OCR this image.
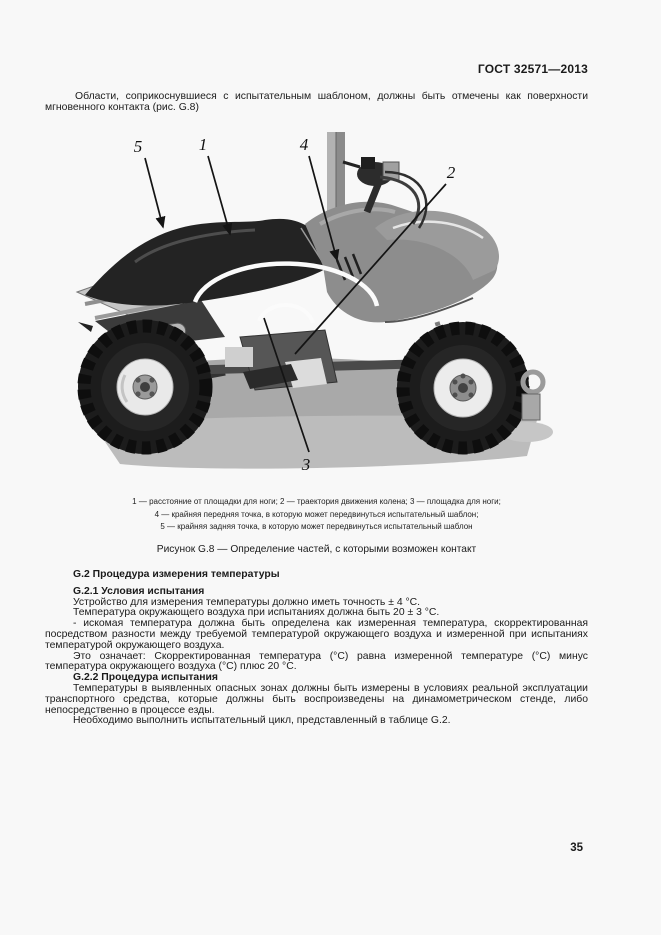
ГОСТ 32571—2013

Области, соприкоснувшиеся с испытательным шаблоном, должны быть отмечены как поверхности мгновенного контакта (рис. G.8)

5	1	4
2
3
1 — расстояние от площадки для ноги; 2 — траектория движения колена; 3 — площадка для ноги;
4 — крайняя передняя точка, в которую может передвинуться испытательный шаблон;
5 — крайняя задняя точка, в которую может передвинуться испытательный шаблон
Рисунок G.8 — Определение частей, с которыми возможен контакт

G.2 Процедура измерения температуры

G.2.1 Условия испытания

Устройство для измерения температуры должно иметь точность ± 4 °С.

Температура окружающего воздуха при испытаниях должна быть 20 ± 3 °С.

- искомая температура должна быть определена как измеренная температура, скорректированная посредством разности между требуемой температурой окружающего воздуха и измеренной при испытаниях температурой окружающего воздуха.

Это означает: Скорректированная температура (°С) равна измеренной температуре (°С) минус температура окружающего воздуха (°С) плюс 20 °С.

G.2.2 Процедура испытания

Температуры в выявленных опасных зонах должны быть измерены в условиях реальной эксплуатации транспортного средства, которые должны быть воспроизведены на динамометрическом стенде, либо непосредственно в процессе езды.

Необходимо выполнить испытательный цикл, представленный в таблице G.2.

35
